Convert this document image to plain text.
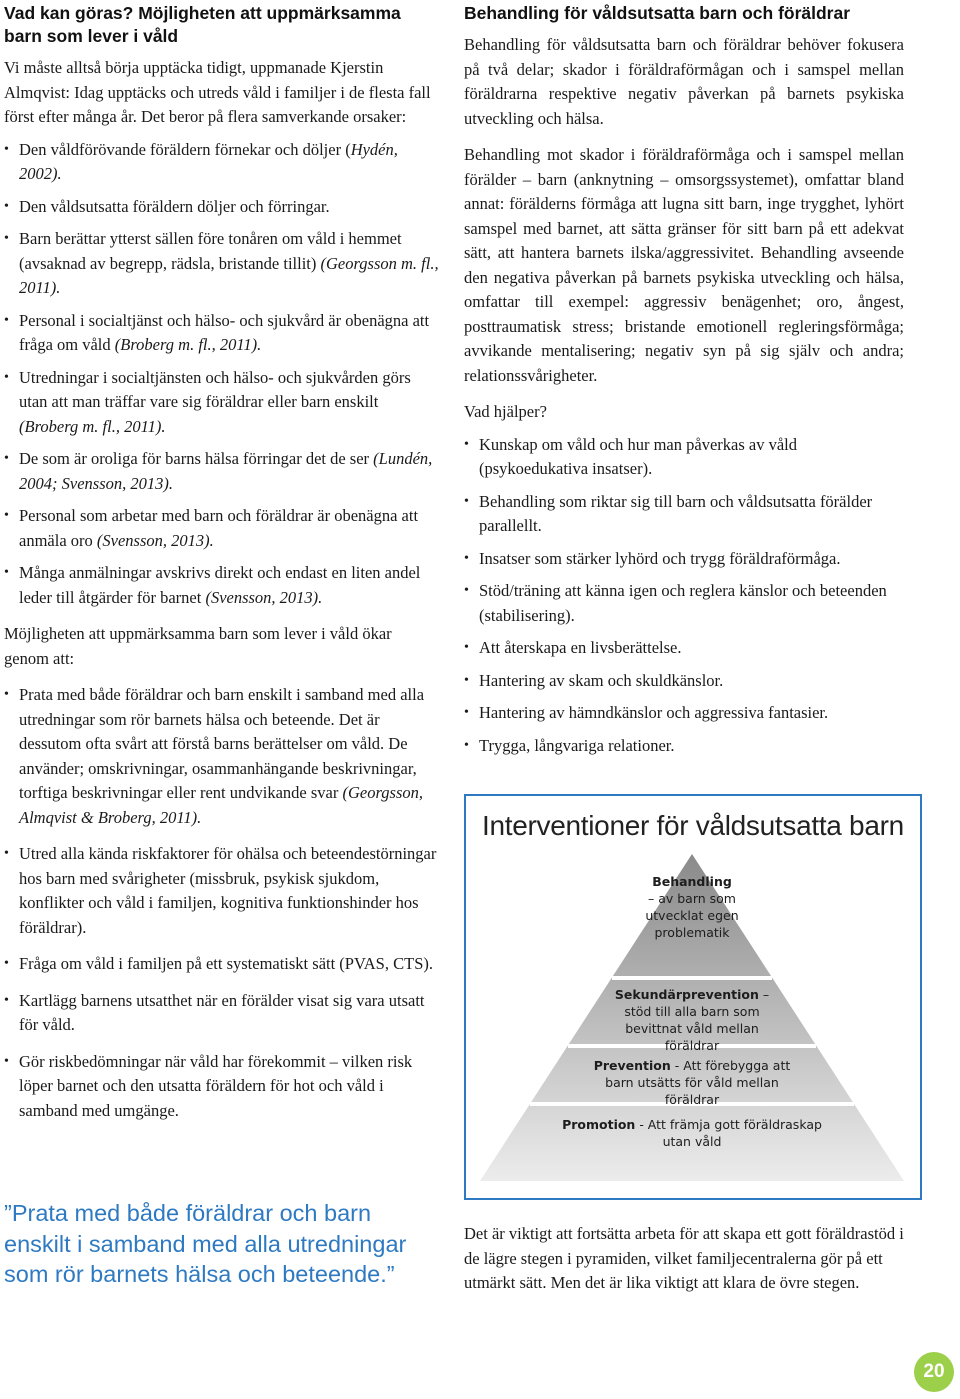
Vad kan göras? Möjligheten att uppmärksamma barn som lever i våld

Vi måste alltså börja upptäcka tidigt, uppmanade Kjerstin Almqvist: Idag upptäcks och utreds våld i familjer i de flesta fall först efter många år. Det beror på flera samverkande orsaker:

• Den våldförövande föräldern förnekar och döljer (Hydén, 2002).
• Den våldsutsatta föräldern döljer och förringar.
• Barn berättar ytterst sällen före tonåren om våld i hemmet (avsaknad av begrepp, rädsla, bristande tillit) (Georgsson m. fl., 2011).
• Personal i socialtjänst och hälso- och sjukvård är obenägna att fråga om våld (Broberg m. fl., 2011).
• Utredningar i socialtjänsten och hälso- och sjukvården görs utan att man träffar vare sig föräldrar eller barn enskilt (Broberg m. fl., 2011).
• De som är oroliga för barns hälsa förringar det de ser (Lundén, 2004; Svensson, 2013).
• Personal som arbetar med barn och föräldrar är obenägna att anmäla oro (Svensson, 2013).
• Många anmälningar avskrivs direkt och endast en liten andel leder till åtgärder för barnet (Svensson, 2013).

Möjligheten att uppmärksamma barn som lever i våld ökar genom att:

• Prata med både föräldrar och barn enskilt i samband med alla utredningar som rör barnets hälsa och beteende. Det är dessutom ofta svårt att förstå barns berättelser om våld. De använder; omskrivningar, osammanhängande beskrivningar, torftiga beskrivningar eller rent undvikande svar (Georgsson, Almqvist & Broberg, 2011).
• Utred alla kända riskfaktorer för ohälsa och beteendestörningar hos barn med svårigheter (missbruk, psykisk sjukdom, konflikter och våld i familjen, kognitiva funktionshinder hos föräldrar).
• Fråga om våld i familjen på ett systematiskt sätt (PVAS, CTS).
• Kartlägg barnens utsatthet när en förälder visat sig vara utsatt för våld.
• Gör riskbedömningar när våld har förekommit – vilken risk löper barnet och den utsatta föräldern för hot och våld i samband med umgänge.
”Prata med både föräldrar och barn enskilt i samband med alla utredningar som rör barnets hälsa och beteende.”
Behandling för våldsutsatta barn och föräldrar

Behandling för våldsutsatta barn och föräldrar behöver fokusera på två delar; skador i föräldraförmågan och i samspel mellan föräldrarna respektive negativ påverkan på barnets psykiska utveckling och hälsa.

Behandling mot skador i föräldraförmåga och i samspel mellan förälder – barn (anknytning – omsorgssystemet), omfattar bland annat: förälderns förmåga att lugna sitt barn, inge trygghet, lyhört samspel med barnet, att sätta gränser för sitt barn på ett adekvat sätt, att hantera barnets ilska/aggressivitet. Behandling avseende den negativa påverkan på barnets psykiska utveckling och hälsa, omfattar till exempel: aggressiv benägenhet; oro, ångest, posttraumatisk stress; bristande emotionell regleringsförmåga; avvikande mentalisering; negativ syn på sig själv och andra; relationssvårigheter.

Vad hjälper?

• Kunskap om våld och hur man påverkas av våld (psykoedukativa insatser).
• Behandling som riktar sig till barn och våldsutsatta förälder parallellt.
• Insatser som stärker lyhörd och trygg föräldraförmåga.
• Stöd/träning att känna igen och reglera känslor och beteenden (stabilisering).
• Att återskapa en livsberättelse.
• Hantering av skam och skuldkänslor.
• Hantering av hämndkänslor och aggressiva fantasier.
• Trygga, långvariga relationer.
Interventioner för våldsutsatta barn
Behandling
– av barn som
utvecklat egen
problematik
Sekundärprevention –
stöd till alla barn som
bevittnat våld mellan
föräldrar
Prevention - Att förebygga att
barn utsätts för våld mellan
föräldrar
Promotion - Att främja gott föräldraskap
utan våld

Det är viktigt att fortsätta arbeta för att skapa ett gott föräldrastöd i de lägre stegen i pyramiden, vilket familjecentralerna gör på ett utmärkt sätt. Men det är lika viktigt att klara de övre stegen.

20
